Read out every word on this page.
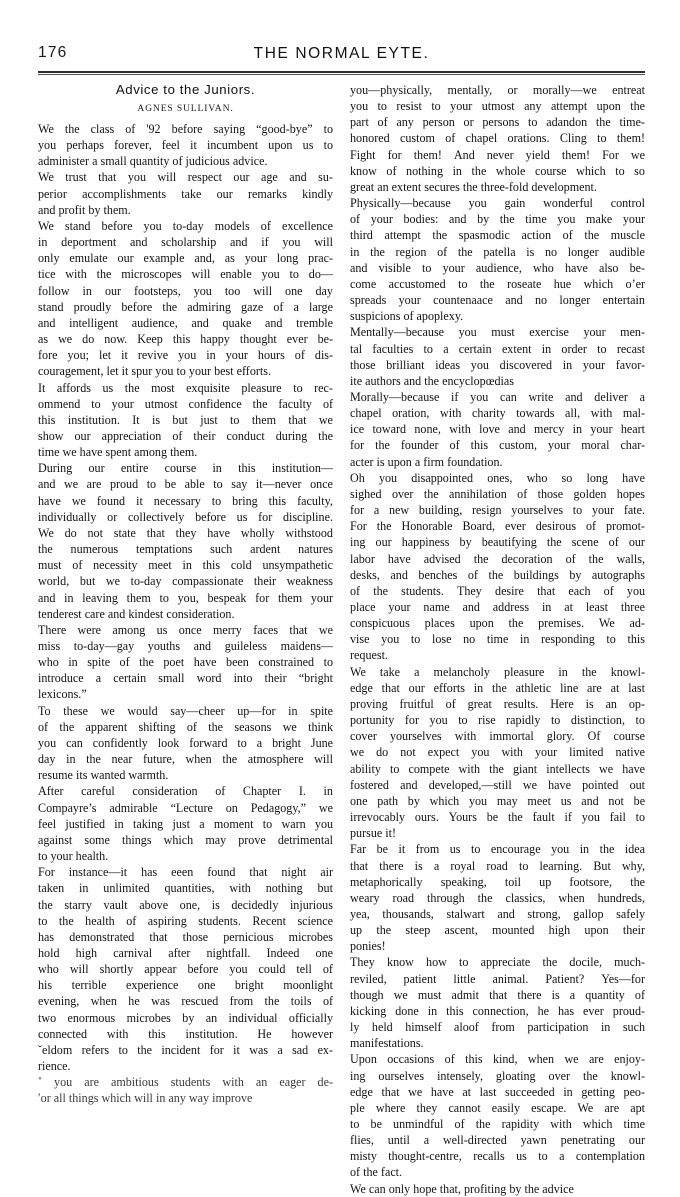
176	THE NORMAL EYTE.
Advice to the Juniors.
AGNES SULLIVAN.
We the class of '92 before saying “good-bye” to
you perhaps forever, feel it incumbent upon us to
administer a small quantity of judicious advice.
We trust that you will respect our age and su-
perior accomplishments take our remarks kindly
and profit by them.
We stand before you to-day models of excellence
in deportment and scholarship and if you will
only emulate our example and, as your long prac-
tice with the microscopes will enable you to do—
follow in our footsteps, you too will one day
stand proudly before the admiring gaze of a large
and intelligent audience, and quake and tremble
as we do now. Keep this happy thought ever be-
fore you; let it revive you in your hours of dis-
couragement, let it spur you to your best efforts.
It affords us the most exquisite pleasure to rec-
ommend to your utmost confidence the faculty of
this institution. It is but just to them that we
show our appreciation of their conduct during the
time we have spent among them.
During our entire course in this institution—
and we are proud to be able to say it—never once
have we found it necessary to bring this faculty,
individually or collectively before us for discipline.
We do not state that they have wholly withstood
the numerous temptations such ardent natures
must of necessity meet in this cold unsympathetic
world, but we to-day compassionate their weakness
and in leaving them to you, bespeak for them your
tenderest care and kindest consideration.
There were among us once merry faces that we
miss to-day—gay youths and guileless maidens—
who in spite of the poet have been constrained to
introduce a certain small word into their “bright
lexicons.”
To these we would say—cheer up—for in spite
of the apparent shifting of the seasons we think
you can confidently look forward to a bright June
day in the near future, when the atmosphere will
resume its wanted warmth.
After careful consideration of Chapter I. in
Compayre’s admirable “Lecture on Pedagogy,” we
feel justified in taking just a moment to warn you
against some things which may prove detrimental
to your health.
For instance—it has eeen found that night air
taken in unlimited quantities, with nothing but
the starry vault above one, is decidedly injurious
to the health of aspiring students. Recent science
has demonstrated that those pernicious microbes
hold high carnival after nightfall. Indeed one
who will shortly appear before you could tell of
his terrible experience one bright moonlight
evening, when he was rescued from the toils of
two enormous microbes by an individual officially
connected with this institution. He however
˘eldom refers to the incident for it was a sad ex-
rience.
˚ you are ambitious students with an eager de-
ʹor all things which will in any way improve
you—physically, mentally, or morally—we entreat
you to resist to your utmost any attempt upon the
part of any person or persons to adandon the time-
honored custom of chapel orations. Cling to them!
Fight for them! And never yield them! For we
know of nothing in the whole course which to so
great an extent secures the three-fold development.
Physically—because you gain wonderful control
of your bodies: and by the time you make your
third attempt the spasmodic action of the muscle
in the region of the patella is no longer audible
and visible to your audience, who have also be-
come accustomed to the roseate hue which o’er
spreads your countenaace and no longer entertain
suspicions of apoplexy.
Mentally—because you must exercise your men-
tal faculties to a certain extent in order to recast
those brilliant ideas you discovered in your favor-
ite authors and the encyclopœdias
Morally—because if you can write and deliver a
chapel oration, with charity towards all, with mal-
ice toward none, with love and mercy in your heart
for the founder of this custom, your moral char-
acter is upon a firm foundation.
Oh you disappointed ones, who so long have
sighed over the annihilation of those golden hopes
for a new building, resign yourselves to your fate.
For the Honorable Board, ever desirous of promot-
ing our happiness by beautifying the scene of our
labor have advised the decoration of the walls,
desks, and benches of the buildings by autographs
of the students. They desire that each of you
place your name and address in at least three
conspicuous places upon the premises. We ad-
vise you to lose no time in responding to this
request.
We take a melancholy pleasure in the knowl-
edge that our efforts in the athletic line are at last
proving fruitful of great results. Here is an op-
portunity for you to rise rapidly to distinction, to
cover yourselves with immortal glory. Of course
we do not expect you with your limited native
ability to compete with the giant intellects we have
fostered and developed,—still we have pointed out
one path by which you may meet us and not be
irrevocably ours. Yours be the fault if you fail to
pursue it!
Far be it from us to encourage you in the idea
that there is a royal road to learning. But why,
metaphorically speaking, toil up footsore, the
weary road through the classics, when hundreds,
yea, thousands, stalwart and strong, gallop safely
up the steep ascent, mounted high upon their
ponies!
They know how to appreciate the docile, much-
reviled, patient little animal. Patient? Yes—for
though we must admit that there is a quantity of
kicking done in this connection, he has ever proud-
ly held himself aloof from participation in such
manifestations.
Upon occasions of this kind, when we are enjoy-
ing ourselves intensely, gloating over the knowl-
edge that we have at last succeeded in getting peo-
ple where they cannot easily escape. We are apt
to be unmindful of the rapidity with which time
flies, until a well-directed yawn penetrating our
misty thought-centre, recalls us to a contemplation
of the fact.
We can only hope that, profiting by the advice
